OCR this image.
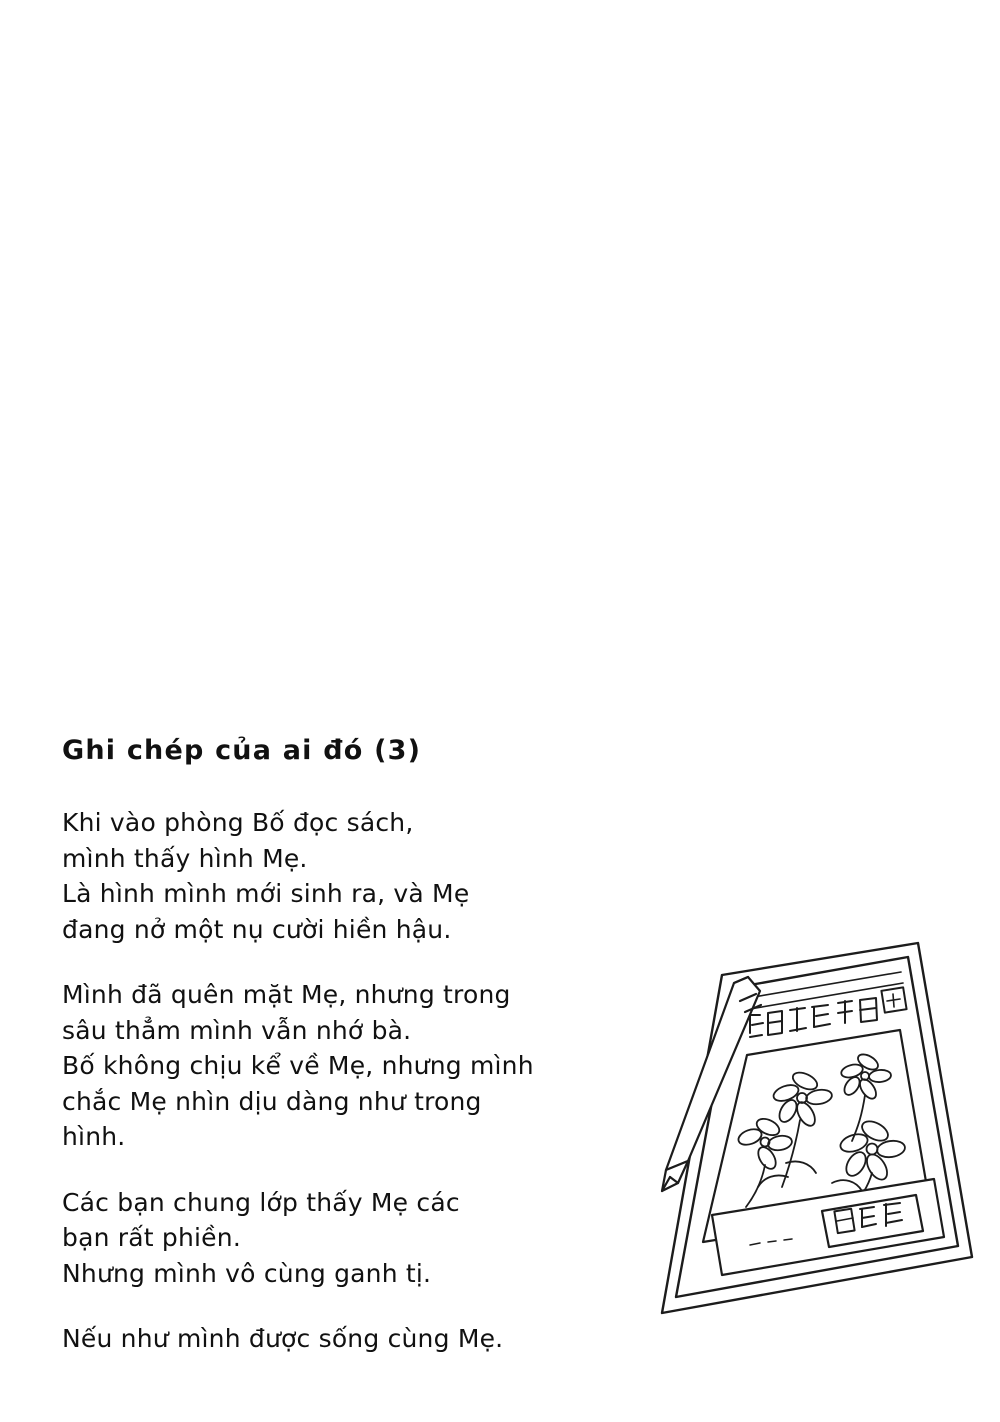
Ghi chép của ai đó (3)

Khi vào phòng Bố đọc sách,
mình thấy hình Mẹ.
Là hình mình mới sinh ra, và Mẹ
đang nở một nụ cười hiền hậu.

Mình đã quên mặt Mẹ, nhưng trong
sâu thẳm mình vẫn nhớ bà.
Bố không chịu kể về Mẹ, nhưng mình
chắc Mẹ nhìn dịu dàng như trong
hình.

Các bạn chung lớp thấy Mẹ các
bạn rất phiền.
Nhưng mình vô cùng ganh tị.

Nếu như mình được sống cùng Mẹ.
